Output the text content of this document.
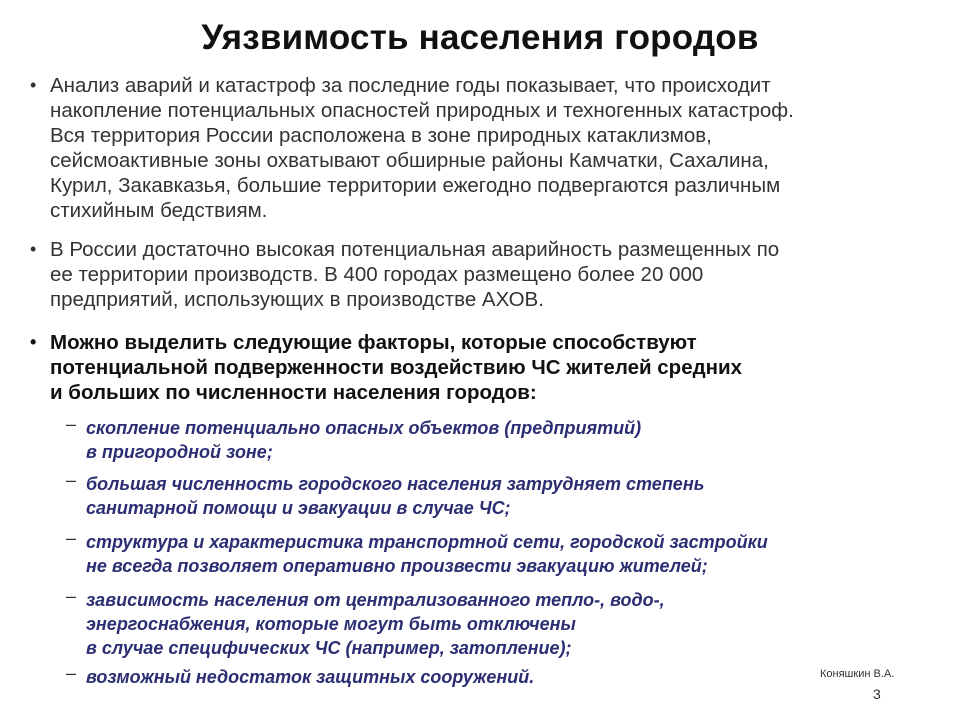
Уязвимость населения городов
• Анализ аварий и катастроф за последние годы показывает, что происходит
накопление потенциальных опасностей природных и техногенных катастроф.
Вся территория России расположена в зоне природных катаклизмов,
сейсмоактивные зоны охватывают обширные районы Камчатки, Сахалина,
Курил, Закавказья, большие территории ежегодно подвергаются различным
стихийным бедствиям.
• В России достаточно высокая потенциальная аварийность размещенных по
ее территории производств. В 400 городах размещено более 20 000
предприятий, использующих в производстве АХОВ.
• Можно выделить следующие факторы, которые способствуют
потенциальной подверженности воздействию ЧС жителей средних
и больших по численности населения городов:
– скопление потенциально опасных объектов (предприятий)
в пригородной зоне;
– большая численность городского населения затрудняет степень
санитарной помощи и эвакуации в случае ЧС;
– структура и характеристика транспортной сети, городской застройки
не всегда позволяет оперативно произвести эвакуацию жителей;
– зависимость населения от централизованного тепло-, водо-,
энергоснабжения, которые могут быть отключены
в случае специфических ЧС (например, затопление);
– возможный недостаток защитных сооружений.	Коняшкин В.А.
3
